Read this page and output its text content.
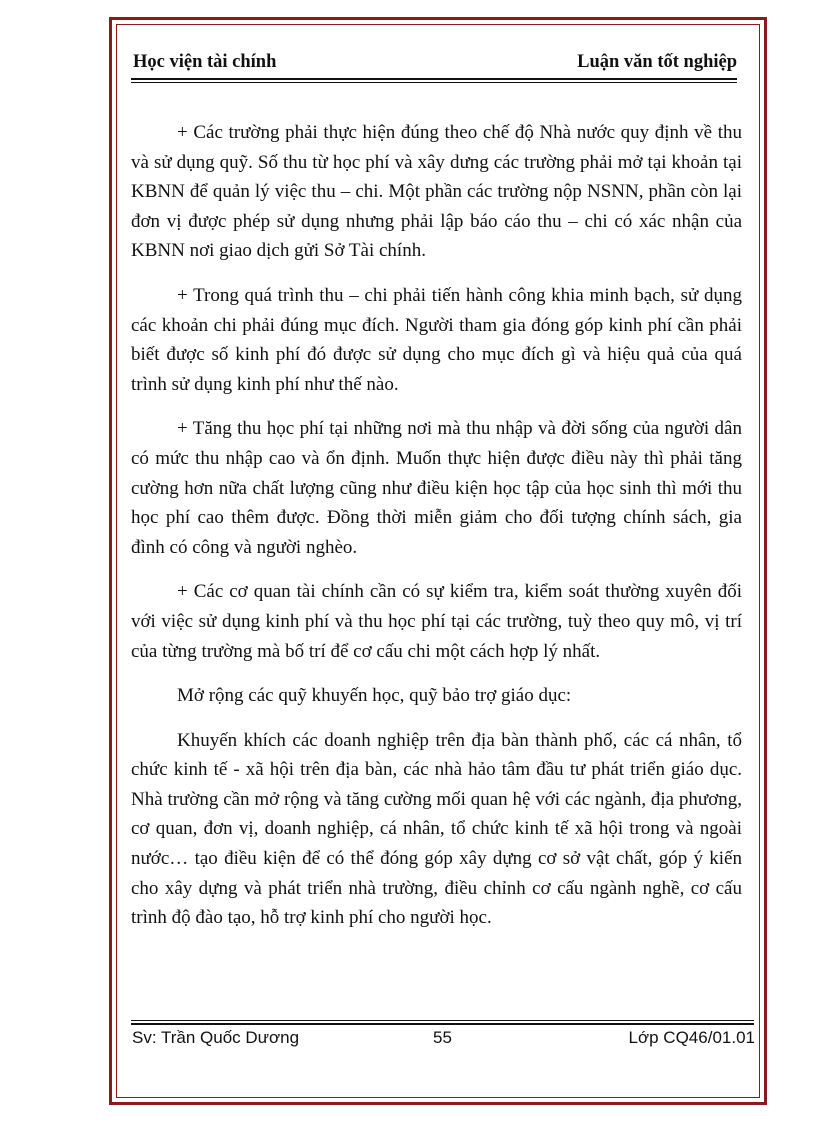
Học viện tài chính	Luận văn tốt nghiệp

+ Các trường phải thực hiện đúng theo chế độ Nhà nước quy định về thu và sử dụng quỹ. Số thu từ học phí và xây dưng các trường phải mở tại khoản tại KBNN để quản lý việc thu – chi. Một phần các trường nộp NSNN, phần còn lại đơn vị được phép sử dụng nhưng phải lập báo cáo thu – chi có xác nhận của KBNN nơi giao dịch gửi Sở Tài chính.

+ Trong quá trình thu – chi phải tiến hành công khia minh bạch, sử dụng các khoản chi phải đúng mục đích. Người tham gia đóng góp kinh phí cần phải biết được số kinh phí đó được sử dụng cho mục đích gì và hiệu quả của quá trình sử dụng kinh phí như thế nào.

+ Tăng thu học phí tại những nơi mà thu nhập và đời sống của người dân có mức thu nhập cao và ổn định. Muốn thực hiện được điều này thì phải tăng cường hơn nữa chất lượng cũng như điều kiện học tập của học sinh thì mới thu học phí cao thêm được. Đồng thời miễn giảm cho đối tượng chính sách, gia đình có công và người nghèo.

+ Các cơ quan tài chính cần có sự kiểm tra, kiểm soát thường xuyên đối với việc sử dụng kinh phí và thu học phí tại các trường, tuỳ theo quy mô, vị trí của từng trường mà bố trí để cơ cấu chi một cách hợp lý nhất.

Mở rộng các quỹ khuyến học, quỹ bảo trợ giáo dục:

Khuyến khích các doanh nghiệp trên địa bàn thành phố, các cá nhân, tổ chức kinh tế - xã hội trên địa bàn, các nhà hảo tâm đầu tư phát triển giáo dục. Nhà trường cần mở rộng và tăng cường mối quan hệ với các ngành, địa phương, cơ quan, đơn vị, doanh nghiệp, cá nhân, tổ chức kinh tế xã hội trong và ngoài nước… tạo điều kiện để có thể đóng góp xây dựng cơ sở vật chất, góp ý kiến cho xây dựng và phát triển nhà trường, điều chỉnh cơ cấu ngành nghề, cơ cấu trình độ đào tạo, hỗ trợ kinh phí cho người học.

Sv: Trần Quốc Dương	55	Lớp CQ46/01.01
